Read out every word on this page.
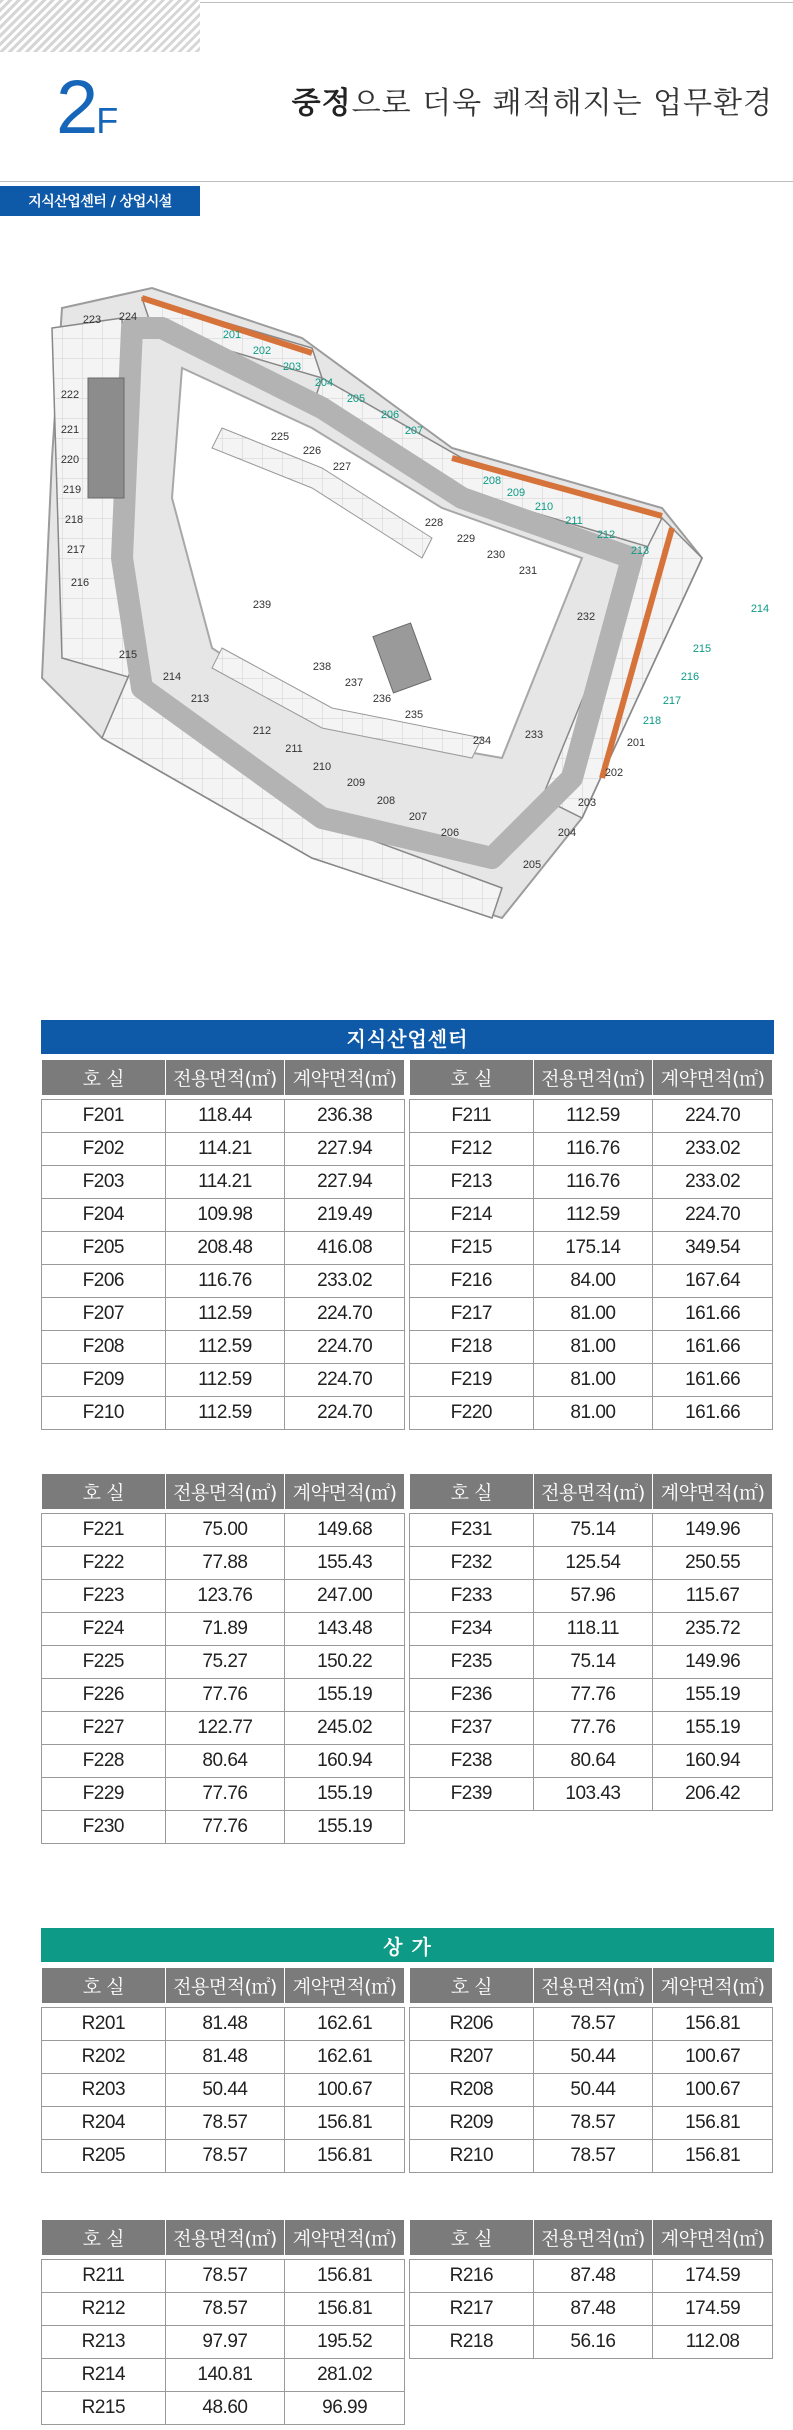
2F	중정으로 더욱 쾌적해지는 업무환경
지식산업센터 / 상업시설
223 224
222
221
220
219
218
217
216
215
214
213
212
211
210
209
208
207
206
205
204
203
202
201
225
226
227
228
229
230
231
232
233
234
235
236
237
238
239
201
202
203
204
205
206
207
208
209
210
211
212
213
214
215
216
217
218
지식산업센터
호 실	전용면적(㎡)	계약면적(㎡)

F201	118.44	236.38
F202	114.21	227.94
F203	114.21	227.94
F204	109.98	219.49
F205	208.48	416.08
F206	116.76	233.02
F207	112.59	224.70
F208	112.59	224.70
F209	112.59	224.70
F210	112.59	224.70
호 실	전용면적(㎡)	계약면적(㎡)

F211	112.59	224.70
F212	116.76	233.02
F213	116.76	233.02
F214	112.59	224.70
F215	175.14	349.54
F216	84.00	167.64
F217	81.00	161.66
F218	81.00	161.66
F219	81.00	161.66
F220	81.00	161.66
호 실	전용면적(㎡)	계약면적(㎡)

F221	75.00	149.68
F222	77.88	155.43
F223	123.76	247.00
F224	71.89	143.48
F225	75.27	150.22
F226	77.76	155.19
F227	122.77	245.02
F228	80.64	160.94
F229	77.76	155.19
F230	77.76	155.19
호 실	전용면적(㎡)	계약면적(㎡)

F231	75.14	149.96
F232	125.54	250.55
F233	57.96	115.67
F234	118.11	235.72
F235	75.14	149.96
F236	77.76	155.19
F237	77.76	155.19
F238	80.64	160.94
F239	103.43	206.42
상 가
호 실	전용면적(㎡)	계약면적(㎡)

R201	81.48	162.61
R202	81.48	162.61
R203	50.44	100.67
R204	78.57	156.81
R205	78.57	156.81
호 실	전용면적(㎡)	계약면적(㎡)

R206	78.57	156.81
R207	50.44	100.67
R208	50.44	100.67
R209	78.57	156.81
R210	78.57	156.81
호 실	전용면적(㎡)	계약면적(㎡)

R211	78.57	156.81
R212	78.57	156.81
R213	97.97	195.52
R214	140.81	281.02
R215	48.60	96.99
호 실	전용면적(㎡)	계약면적(㎡)

R216	87.48	174.59
R217	87.48	174.59
R218	56.16	112.08
